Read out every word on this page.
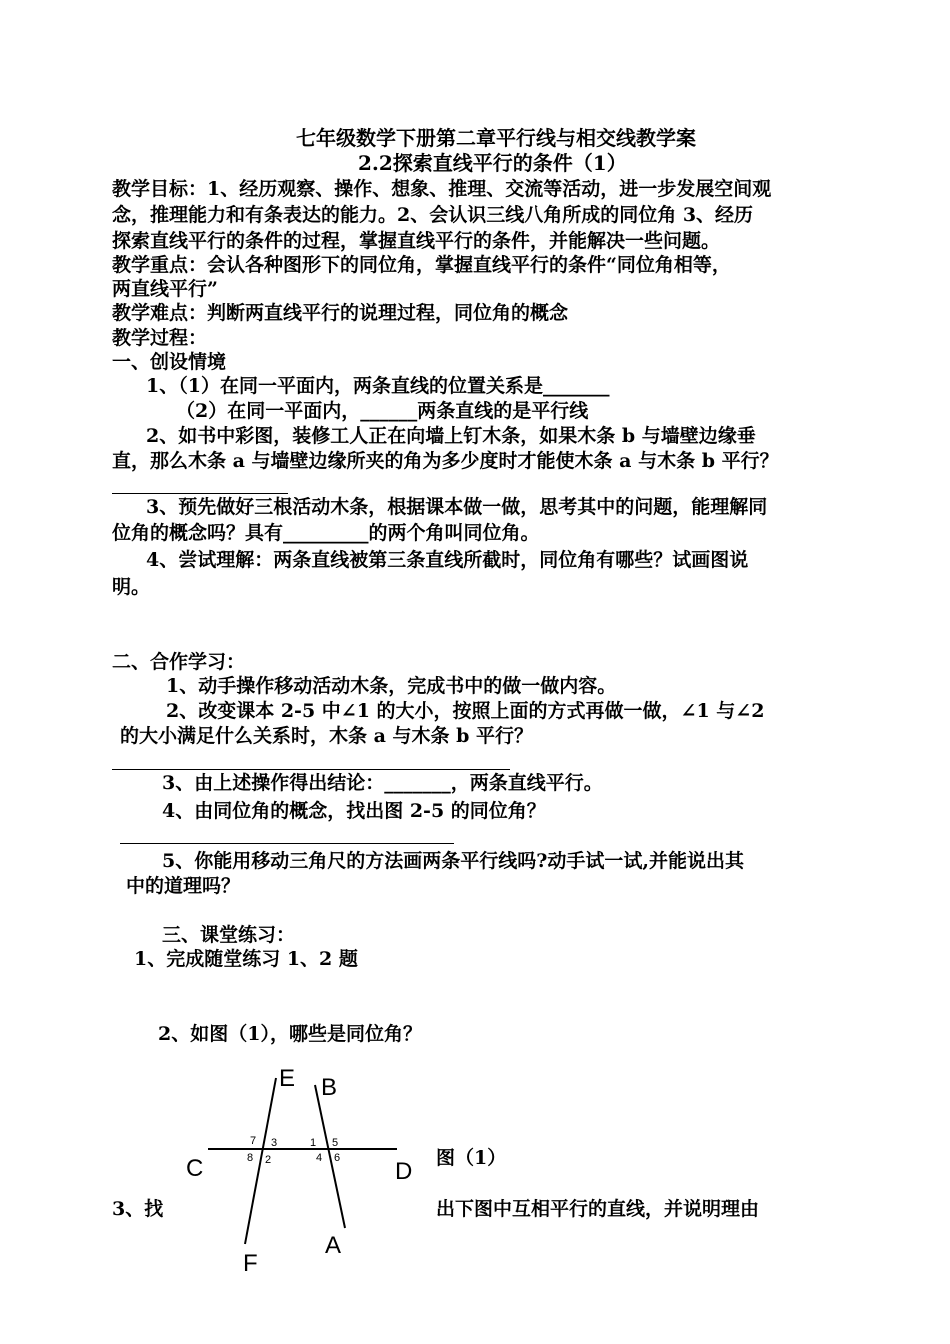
七年级数学下册第二章平行线与相交线教学案
2.2探索直线平行的条件（1）
教学目标：1、经历观察、操作、想象、推理、交流等活动，进一步发展空间观
念，推理能力和有条表达的能力。2、会认识三线八角所成的同位角 3、经历
探索直线平行的条件的过程，掌握直线平行的条件，并能解决一些问题。
教学重点：会认各种图形下的同位角，掌握直线平行的条件“同位角相等，
两直线平行”
教学难点：判断两直线平行的说理过程，同位角的概念
教学过程：
一、创设情境
1、（1）在同一平面内，两条直线的位置关系是_______
（2）在同一平面内，______两条直线的是平行线
2、如书中彩图，装修工人正在向墙上钉木条，如果木条 b 与墙壁边缘垂
直，那么木条 a 与墙壁边缘所夹的角为多少度时才能使木条 a 与木条 b 平行？
3、预先做好三根活动木条，根据课本做一做，思考其中的问题，能理解同
位角的概念吗？具有_________的两个角叫同位角。
4、尝试理解：两条直线被第三条直线所截时，同位角有哪些？试画图说
明。
二、合作学习：
1、动手操作移动活动木条，完成书中的做一做内容。
2、改变课本 2-5 中∠1 的大小，按照上面的方式再做一做，∠1 与∠2
的大小满足什么关系时，木条 a 与木条 b 平行？
3、由上述操作得出结论：_______，两条直线平行。
4、由同位角的概念，找出图 2-5 的同位角？
5、你能用移动三角尺的方法画两条平行线吗?动手试一试,并能说出其
中的道理吗？
三、课堂练习：
1、完成随堂练习 1、2 题
2、如图（1），哪些是同位角？
图（1）
3、找	出下图中互相平行的直线，并说明理由
E B
C	D
F
A
7 3	1 5
8 2	4 6
